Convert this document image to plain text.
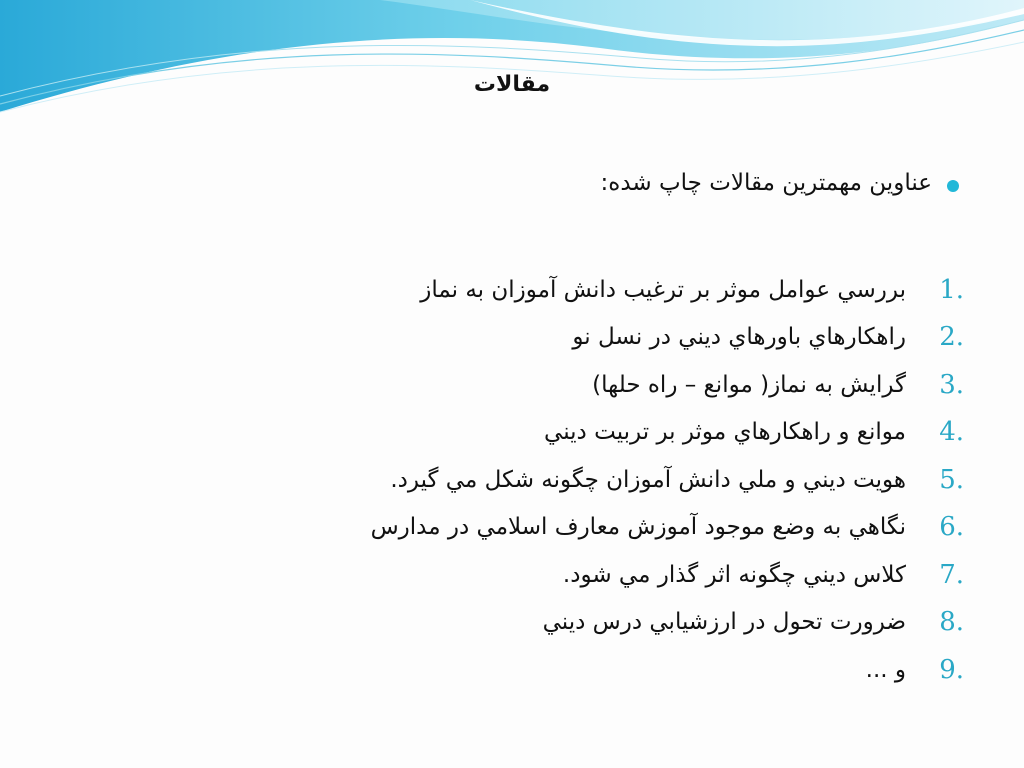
مقالات
عناوين مهمترين مقالات چاپ شده:
1.
بررسي عوامل موثر بر ترغيب دانش آموزان به نماز
2.
راهكارهاي باورهاي ديني در نسل نو
3.
گرايش به نماز( موانع – راه حلها)
4.
موانع و راهكارهاي موثر بر تربيت ديني
5.
هويت ديني و ملي دانش آموزان چگونه شكل مي گيرد.
6.
نگاهي به وضع موجود آموزش معارف اسلامي در مدارس
7.
كلاس ديني چگونه اثر گذار مي شود.
8.
ضرورت تحول در ارزشيابي درس ديني
9.
و ...
